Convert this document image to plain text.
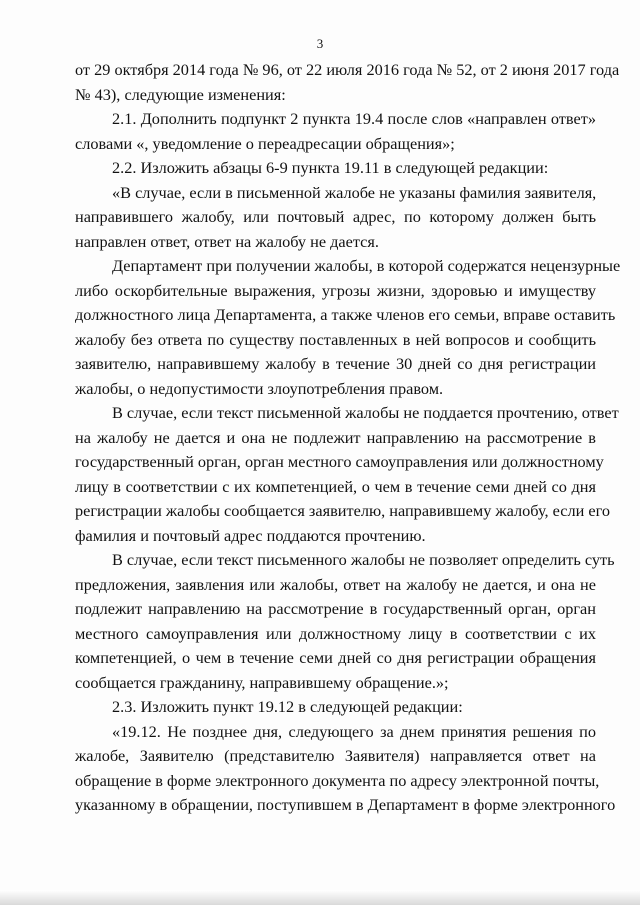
3

от 29 октября 2014 года № 96, от 22 июля 2016 года № 52, от 2 июня 2017 года
№ 43), следующие изменения:

2.1. Дополнить подпункт 2 пункта 19.4 после слов «направлен ответ»
словами «, уведомление о переадресации обращения»;

2.2. Изложить абзацы 6-9 пункта 19.11 в следующей редакции:

«В случае, если в письменной жалобе не указаны фамилия заявителя,
направившего жалобу, или почтовый адрес, по которому должен быть
направлен ответ, ответ на жалобу не дается.

Департамент при получении жалобы, в которой содержатся нецензурные
либо оскорбительные выражения, угрозы жизни, здоровью и имуществу
должностного лица Департамента, а также членов его семьи, вправе оставить
жалобу без ответа по существу поставленных в ней вопросов и сообщить
заявителю, направившему жалобу в течение 30 дней со дня регистрации
жалобы, о недопустимости злоупотребления правом.

В случае, если текст письменной жалобы не поддается прочтению, ответ
на жалобу не дается и она не подлежит направлению на рассмотрение в
государственный орган, орган местного самоуправления или должностному
лицу в соответствии с их компетенцией, о чем в течение семи дней со дня
регистрации жалобы сообщается заявителю, направившему жалобу, если его
фамилия и почтовый адрес поддаются прочтению.

В случае, если текст письменного жалобы не позволяет определить суть
предложения, заявления или жалобы, ответ на жалобу не дается, и она не
подлежит направлению на рассмотрение в государственный орган, орган
местного самоуправления или должностному лицу в соответствии с их
компетенцией, о чем в течение семи дней со дня регистрации обращения
сообщается гражданину, направившему обращение.»;

2.3. Изложить пункт 19.12 в следующей редакции:

«19.12. Не позднее дня, следующего за днем принятия решения по
жалобе, Заявителю (представителю Заявителя) направляется ответ на
обращение в форме электронного документа по адресу электронной почты,
указанному в обращении, поступившем в Департамент в форме электронного
